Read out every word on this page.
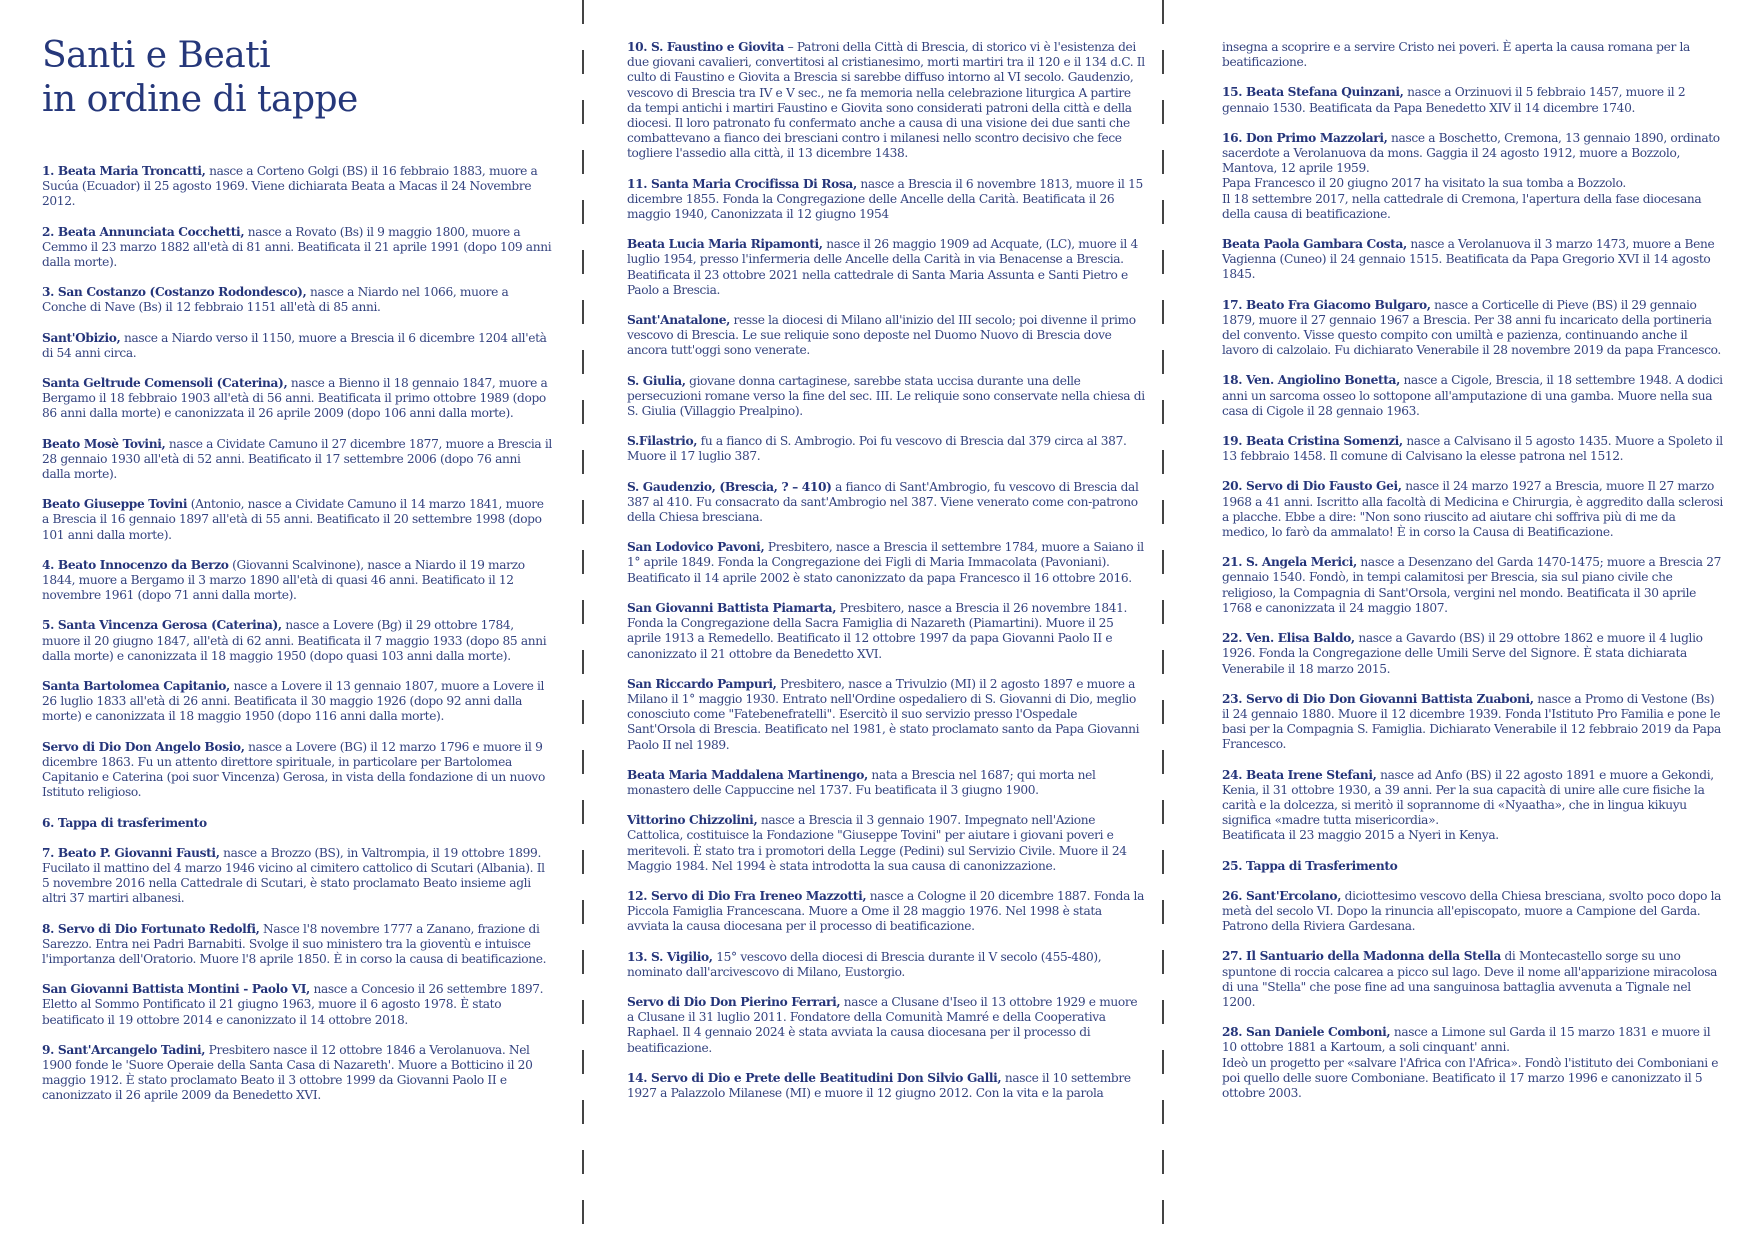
Santi e Beati
in ordine di tappe

1. Beata Maria Troncatti, nasce a Corteno Golgi (BS) il 16 febbraio 1883, muore a Sucúa (Ecuador) il 25 agosto 1969. Viene dichiarata Beata a Macas il 24 Novembre 2012.

2. Beata Annunciata Cocchetti, nasce a Rovato (Bs) il 9 maggio 1800, muore a Cemmo il 23 marzo 1882 all'età di 81 anni. Beatificata il 21 aprile 1991 (dopo 109 anni dalla morte).

3. San Costanzo (Costanzo Rodondesco), nasce a Niardo nel 1066, muore a Conche di Nave (Bs) il 12 febbraio 1151 all'età di 85 anni.

Sant'Obizio, nasce a Niardo verso il 1150, muore a Brescia il 6 dicembre 1204 all'età di 54 anni circa.

Santa Geltrude Comensoli (Caterina), nasce a Bienno il 18 gennaio 1847, muore a Bergamo il 18 febbraio 1903 all'età di 56 anni. Beatificata il primo ottobre 1989 (dopo 86 anni dalla morte) e canonizzata il 26 aprile 2009 (dopo 106 anni dalla morte).

Beato Mosè Tovini, nasce a Cividate Camuno il 27 dicembre 1877, muore a Brescia il 28 gennaio 1930 all'età di 52 anni. Beatificato il 17 settembre 2006 (dopo 76 anni dalla morte).

Beato Giuseppe Tovini (Antonio, nasce a Cividate Camuno il 14 marzo 1841, muore a Brescia il 16 gennaio 1897 all'età di 55 anni. Beatificato il 20 settembre 1998 (dopo 101 anni dalla morte).

4. Beato Innocenzo da Berzo (Giovanni Scalvinone), nasce a Niardo il 19 marzo 1844, muore a Bergamo il 3 marzo 1890 all'età di quasi 46 anni. Beatificato il 12 novembre 1961 (dopo 71 anni dalla morte).

5. Santa Vincenza Gerosa (Caterina), nasce a Lovere (Bg) il 29 ottobre 1784, muore il 20 giugno 1847, all'età di 62 anni. Beatificata il 7 maggio 1933 (dopo 85 anni dalla morte) e canonizzata il 18 maggio 1950 (dopo quasi 103 anni dalla morte).

Santa Bartolomea Capitanio, nasce a Lovere il 13 gennaio 1807, muore a Lovere il 26 luglio 1833 all'età di 26 anni. Beatificata il 30 maggio 1926 (dopo 92 anni dalla morte) e canonizzata il 18 maggio 1950 (dopo 116 anni dalla morte).

Servo di Dio Don Angelo Bosio, nasce a Lovere (BG) il 12 marzo 1796 e muore il 9 dicembre 1863. Fu un attento direttore spirituale, in particolare per Bartolomea Capitanio e Caterina (poi suor Vincenza) Gerosa, in vista della fondazione di un nuovo Istituto religioso.

6. Tappa di trasferimento

7. Beato P. Giovanni Fausti, nasce a Brozzo (BS), in Valtrompia, il 19 ottobre 1899. Fucilato il mattino del 4 marzo 1946 vicino al cimitero cattolico di Scutari (Albania). Il 5 novembre 2016 nella Cattedrale di Scutari, è stato proclamato Beato insieme agli altri 37 martiri albanesi.

8. Servo di Dio Fortunato Redolfi, Nasce l'8 novembre 1777 a Zanano, frazione di Sarezzo. Entra nei Padri Barnabiti. Svolge il suo ministero tra la gioventù e intuisce l'importanza dell'Oratorio. Muore l'8 aprile 1850. È in corso la causa di beatificazione.

San Giovanni Battista Montini - Paolo VI, nasce a Concesio il 26 settembre 1897. Eletto al Sommo Pontificato il 21 giugno 1963, muore il 6 agosto 1978. È stato beatificato il 19 ottobre 2014 e canonizzato il 14 ottobre 2018.

9. Sant'Arcangelo Tadini, Presbitero nasce il 12 ottobre 1846 a Verolanuova. Nel 1900 fonde le 'Suore Operaie della Santa Casa di Nazareth'. Muore a Botticino il 20 maggio 1912. È stato proclamato Beato il 3 ottobre 1999 da Giovanni Paolo II e canonizzato il 26 aprile 2009 da Benedetto XVI.

10. S. Faustino e Giovita – Patroni della Città di Brescia, di storico vi è l'esistenza dei due giovani cavalieri, convertitosi al cristianesimo, morti martiri tra il 120 e il 134 d.C. Il culto di Faustino e Giovita a Brescia si sarebbe diffuso intorno al VI secolo. Gaudenzio, vescovo di Brescia tra IV e V sec., ne fa memoria nella celebrazione liturgica A partire da tempi antichi i martiri Faustino e Giovita sono considerati patroni della città e della diocesi. Il loro patronato fu confermato anche a causa di una visione dei due santi che combattevano a fianco dei bresciani contro i milanesi nello scontro decisivo che fece togliere l'assedio alla città, il 13 dicembre 1438.

11. Santa Maria Crocifissa Di Rosa, nasce a Brescia il 6 novembre 1813, muore il 15 dicembre 1855. Fonda la Congregazione delle Ancelle della Carità. Beatificata il 26 maggio 1940, Canonizzata il 12 giugno 1954

Beata Lucia Maria Ripamonti, nasce il 26 maggio 1909 ad Acquate, (LC), muore il 4 luglio 1954, presso l'infermeria delle Ancelle della Carità in via Benacense a Brescia. Beatificata il 23 ottobre 2021 nella cattedrale di Santa Maria Assunta e Santi Pietro e Paolo a Brescia.

Sant'Anatalone, resse la diocesi di Milano all'inizio del III secolo; poi divenne il primo vescovo di Brescia. Le sue reliquie sono deposte nel Duomo Nuovo di Brescia dove ancora tutt'oggi sono venerate.

S. Giulia, giovane donna cartaginese, sarebbe stata uccisa durante una delle persecuzioni romane verso la fine del sec. III. Le reliquie sono conservate nella chiesa di S. Giulia (Villaggio Prealpino).

S.Filastrio, fu a fianco di S. Ambrogio. Poi fu vescovo di Brescia dal 379 circa al 387. Muore il 17 luglio 387.

S. Gaudenzio, (Brescia, ? – 410) a fianco di Sant'Ambrogio, fu vescovo di Brescia dal 387 al 410. Fu consacrato da sant'Ambrogio nel 387. Viene venerato come con-patrono della Chiesa bresciana.

San Lodovico Pavoni, Presbitero, nasce a Brescia il settembre 1784, muore a Saiano il 1° aprile 1849. Fonda la Congregazione dei Figli di Maria Immacolata (Pavoniani). Beatificato il 14 aprile 2002 è stato canonizzato da papa Francesco il 16 ottobre 2016.

San Giovanni Battista Piamarta, Presbitero, nasce a Brescia il 26 novembre 1841. Fonda la Congregazione della Sacra Famiglia di Nazareth (Piamartini). Muore il 25 aprile 1913 a Remedello. Beatificato il 12 ottobre 1997 da papa Giovanni Paolo II e canonizzato il 21 ottobre da Benedetto XVI.

San Riccardo Pampuri, Presbitero, nasce a Trivulzio (MI) il 2 agosto 1897 e muore a Milano il 1° maggio 1930. Entrato nell'Ordine ospedaliero di S. Giovanni di Dio, meglio conosciuto come "Fatebenefratelli". Esercitò il suo servizio presso l'Ospedale Sant'Orsola di Brescia. Beatificato nel 1981, è stato proclamato santo da Papa Giovanni Paolo II nel 1989.

Beata Maria Maddalena Martinengo, nata a Brescia nel 1687; qui morta nel monastero delle Cappuccine nel 1737. Fu beatificata il 3 giugno 1900.

Vittorino Chizzolini, nasce a Brescia il 3 gennaio 1907. Impegnato nell'Azione Cattolica, costituisce la Fondazione "Giuseppe Tovini" per aiutare i giovani poveri e meritevoli. È stato tra i promotori della Legge (Pedini) sul Servizio Civile. Muore il 24 Maggio 1984. Nel 1994 è stata introdotta la sua causa di canonizzazione.

12. Servo di Dio Fra Ireneo Mazzotti, nasce a Cologne il 20 dicembre 1887. Fonda la Piccola Famiglia Francescana. Muore a Ome il 28 maggio 1976. Nel 1998 è stata avviata la causa diocesana per il processo di beatificazione.

13. S. Vigilio, 15° vescovo della diocesi di Brescia durante il V secolo (455-480), nominato dall'arcivescovo di Milano, Eustorgio.

Servo di Dio Don Pierino Ferrari, nasce a Clusane d'Iseo il 13 ottobre 1929 e muore a Clusane il 31 luglio 2011. Fondatore della Comunità Mamré e della Cooperativa Raphael. Il 4 gennaio 2024 è stata avviata la causa diocesana per il processo di beatificazione.

14. Servo di Dio e Prete delle Beatitudini Don Silvio Galli, nasce il 10 settembre 1927 a Palazzolo Milanese (MI) e muore il 12 giugno 2012. Con la vita e la parola

insegna a scoprire e a servire Cristo nei poveri. È aperta la causa romana per la beatificazione.

15. Beata Stefana Quinzani, nasce a Orzinuovi il 5 febbraio 1457, muore il 2 gennaio 1530. Beatificata da Papa Benedetto XIV il 14 dicembre 1740.

16. Don Primo Mazzolari, nasce a Boschetto, Cremona, 13 gennaio 1890, ordinato sacerdote a Verolanuova da mons. Gaggia il 24 agosto 1912, muore a Bozzolo, Mantova, 12 aprile 1959.
Papa Francesco il 20 giugno 2017 ha visitato la sua tomba a Bozzolo.
Il 18 settembre 2017, nella cattedrale di Cremona, l'apertura della fase diocesana della causa di beatificazione.

Beata Paola Gambara Costa, nasce a Verolanuova il 3 marzo 1473, muore a Bene Vagienna (Cuneo) il 24 gennaio 1515. Beatificata da Papa Gregorio XVI il 14 agosto 1845.

17. Beato Fra Giacomo Bulgaro, nasce a Corticelle di Pieve (BS) il 29 gennaio 1879, muore il 27 gennaio 1967 a Brescia. Per 38 anni fu incaricato della portineria del convento. Visse questo compito con umiltà e pazienza, continuando anche il lavoro di calzolaio. Fu dichiarato Venerabile il 28 novembre 2019 da papa Francesco.

18. Ven. Angiolino Bonetta, nasce a Cigole, Brescia, il 18 settembre 1948. A dodici anni un sarcoma osseo lo sottopone all'amputazione di una gamba. Muore nella sua casa di Cigole il 28 gennaio 1963.

19. Beata Cristina Somenzi, nasce a Calvisano il 5 agosto 1435. Muore a Spoleto il 13 febbraio 1458. Il comune di Calvisano la elesse patrona nel 1512.

20. Servo di Dio Fausto Gei, nasce il 24 marzo 1927 a Brescia, muore Il 27 marzo 1968 a 41 anni. Iscritto alla facoltà di Medicina e Chirurgia, è aggredito dalla sclerosi a placche. Ebbe a dire: "Non sono riuscito ad aiutare chi soffriva più di me da medico, lo farò da ammalato! È in corso la Causa di Beatificazione.

21. S. Angela Merici, nasce a Desenzano del Garda 1470-1475; muore a Brescia 27 gennaio 1540. Fondò, in tempi calamitosi per Brescia, sia sul piano civile che religioso, la Compagnia di Sant'Orsola, vergini nel mondo. Beatificata il 30 aprile 1768 e canonizzata il 24 maggio 1807.

22. Ven. Elisa Baldo, nasce a Gavardo (BS) il 29 ottobre 1862 e muore il 4 luglio 1926. Fonda la Congregazione delle Umili Serve del Signore. È stata dichiarata Venerabile il 18 marzo 2015.

23. Servo di Dio Don Giovanni Battista Zuaboni, nasce a Promo di Vestone (Bs) il 24 gennaio 1880. Muore il 12 dicembre 1939. Fonda l'Istituto Pro Familia e pone le basi per la Compagnia S. Famiglia. Dichiarato Venerabile il 12 febbraio 2019 da Papa Francesco.

24. Beata Irene Stefani, nasce ad Anfo (BS) il 22 agosto 1891 e muore a Gekondi, Kenia, il 31 ottobre 1930, a 39 anni. Per la sua capacità di unire alle cure fisiche la carità e la dolcezza, si meritò il soprannome di «Nyaatha», che in lingua kikuyu significa «madre tutta misericordia».
Beatificata il 23 maggio 2015 a Nyeri in Kenya.

25. Tappa di Trasferimento

26. Sant'Ercolano, diciottesimo vescovo della Chiesa bresciana, svolto poco dopo la metà del secolo VI. Dopo la rinuncia all'episcopato, muore a Campione del Garda. Patrono della Riviera Gardesana.

27. Il Santuario della Madonna della Stella di Montecastello sorge su uno spuntone di roccia calcarea a picco sul lago. Deve il nome all'apparizione miracolosa di una "Stella" che pose fine ad una sanguinosa battaglia avvenuta a Tignale nel 1200.

28. San Daniele Comboni, nasce a Limone sul Garda il 15 marzo 1831 e muore il 10 ottobre 1881 a Kartoum, a soli cinquant' anni.
Ideò un progetto per «salvare l'Africa con l'Africa». Fondò l'istituto dei Comboniani e poi quello delle suore Comboniane. Beatificato il 17 marzo 1996 e canonizzato il 5 ottobre 2003.
